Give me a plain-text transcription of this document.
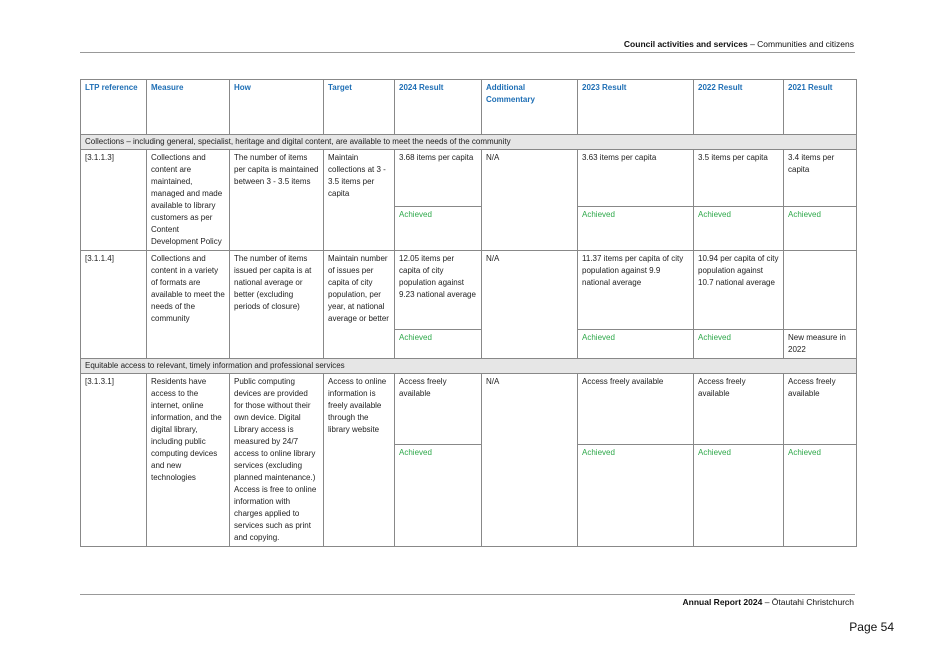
Council activities and services – Communities and citizens
LTP reference	Measure	How	Target	2024 Result	Additional Commentary	2023 Result	2022 Result	2021 Result
Collections – including general, specialist, heritage and digital content, are available to meet the needs of the community								
[3.1.1.3]	Collections and content are maintained, managed and made available to library customers as per Content Development Policy	The number of items per capita is maintained between 3 - 3.5 items	Maintain collections at 3 - 3.5 items per capita	3.68 items per capita	N/A	3.63 items per capita	3.5 items per capita	3.4 items per capita
				Achieved		Achieved	Achieved	Achieved
[3.1.1.4]	Collections and content in a variety of formats are available to meet the needs of the community	The number of items issued per capita is at national average or better (excluding periods of closure)	Maintain number of issues per capita of city population, per year, at national average or better	12.05 items per capita of city population against 9.23 national average	N/A	11.37 items per capita of city population against 9.9 national average	10.94 per capita of city population against 10.7 national average	
				Achieved		Achieved	Achieved	New measure in 2022
Equitable access to relevant, timely information and professional services								
[3.1.3.1]	Residents have access to the internet, online information, and the digital library, including public computing devices and new technologies	Public computing devices are provided for those without their own device. Digital Library access is measured by 24/7 access to online library services (excluding planned maintenance.) Access is free to online information with charges applied to services such as print and copying.	Access to online information is freely available through the library website	Access freely available	N/A	Access freely available	Access freely available	Access freely available
				Achieved		Achieved	Achieved	Achieved
Annual Report 2024 – Ōtautahi Christchurch
Page 54
